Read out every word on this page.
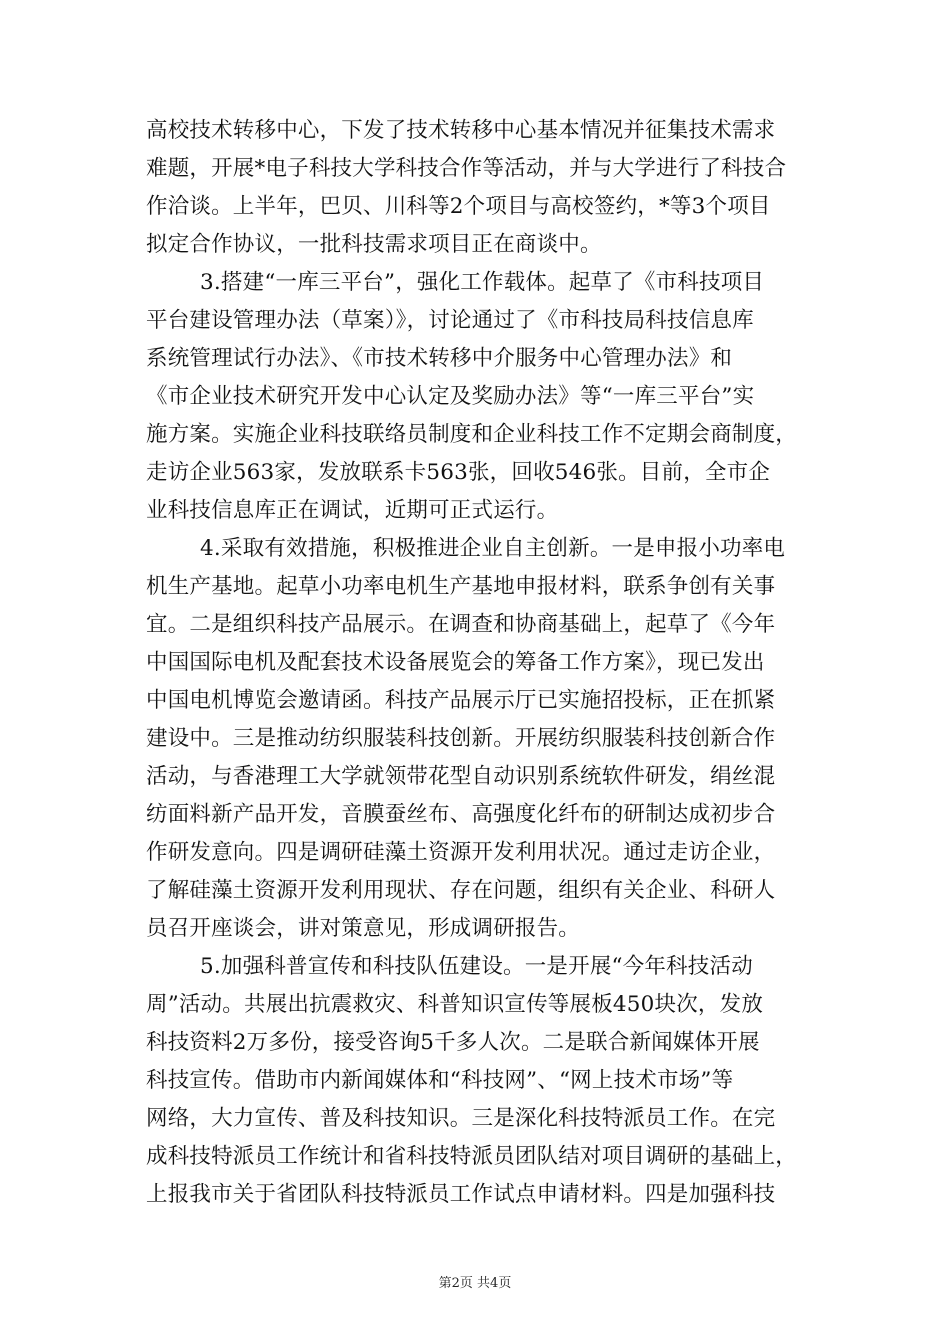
高校技术转移中心，下发了技术转移中心基本情况并征集技术需求
难题，开展*电子科技大学科技合作等活动，并与大学进行了科技合
作洽谈。上半年，巴贝、川科等2个项目与高校签约，*等3个项目
拟定合作协议，一批科技需求项目正在商谈中。
3.搭建“一库三平台”，强化工作载体。起草了《市科技项目
平台建设管理办法（草案）》，讨论通过了《市科技局科技信息库
系统管理试行办法》、《市技术转移中介服务中心管理办法》和
《市企业技术研究开发中心认定及奖励办法》等“一库三平台”实
施方案。实施企业科技联络员制度和企业科技工作不定期会商制度，
走访企业563家，发放联系卡563张，回收546张。目前，全市企
业科技信息库正在调试，近期可正式运行。
4.采取有效措施，积极推进企业自主创新。一是申报小功率电
机生产基地。起草小功率电机生产基地申报材料，联系争创有关事
宜。二是组织科技产品展示。在调查和协商基础上，起草了《今年
中国国际电机及配套技术设备展览会的筹备工作方案》，现已发出
中国电机博览会邀请函。科技产品展示厅已实施招投标，正在抓紧
建设中。三是推动纺织服装科技创新。开展纺织服装科技创新合作
活动，与香港理工大学就领带花型自动识别系统软件研发，绢丝混
纺面料新产品开发，音膜蚕丝布、高强度化纤布的研制达成初步合
作研发意向。四是调研硅藻土资源开发利用状况。通过走访企业，
了解硅藻土资源开发利用现状、存在问题，组织有关企业、科研人
员召开座谈会，讲对策意见，形成调研报告。
5.加强科普宣传和科技队伍建设。一是开展“今年科技活动
周”活动。共展出抗震救灾、科普知识宣传等展板450块次，发放
科技资料2万多份，接受咨询5千多人次。二是联合新闻媒体开展
科技宣传。借助市内新闻媒体和“科技网”、“网上技术市场”等
网络，大力宣传、普及科技知识。三是深化科技特派员工作。在完
成科技特派员工作统计和省科技特派员团队结对项目调研的基础上，
上报我市关于省团队科技特派员工作试点申请材料。四是加强科技
第2页 共4页
